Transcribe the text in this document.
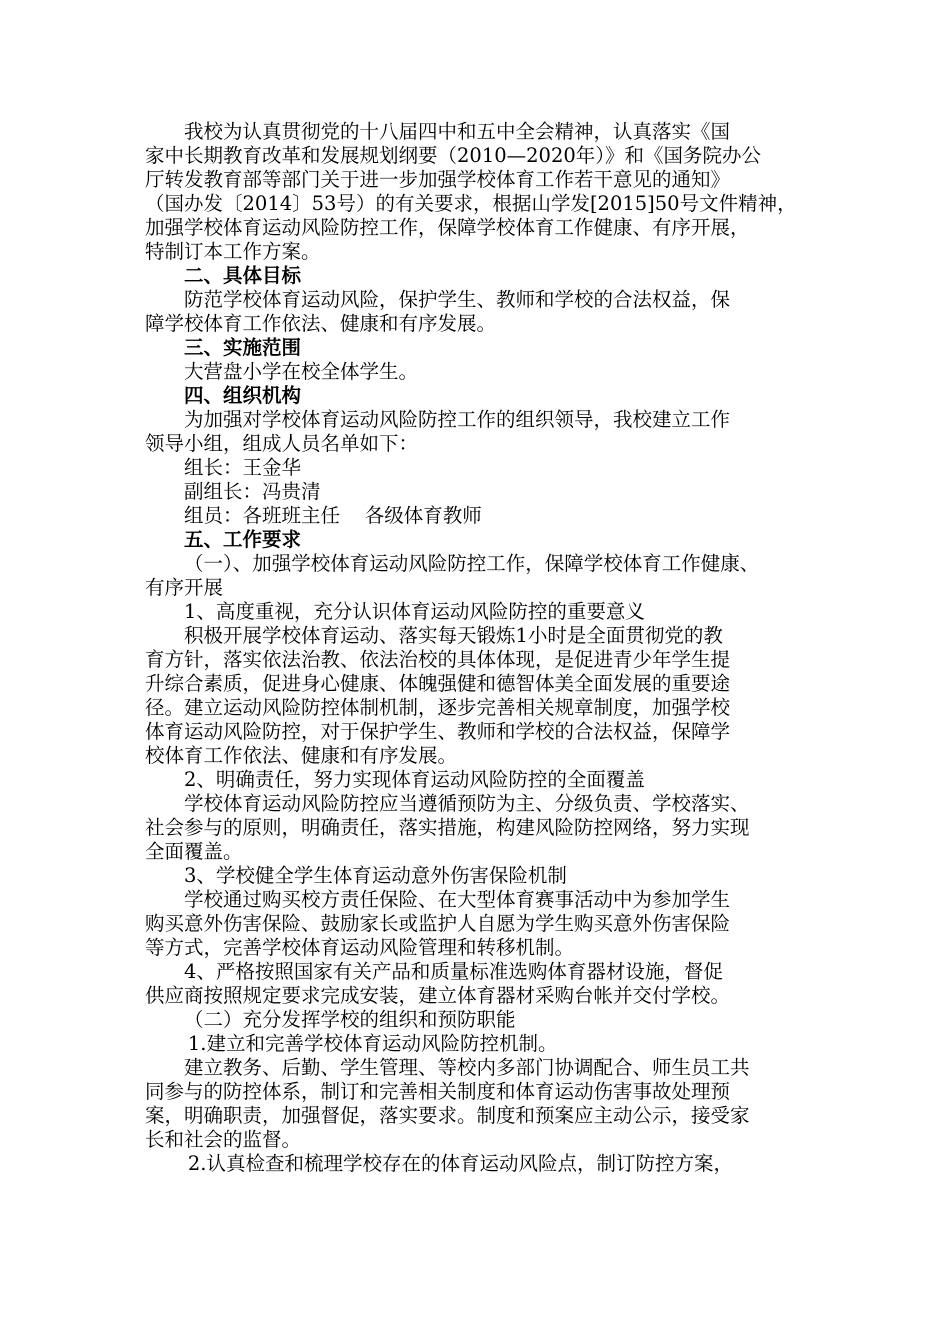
我校为认真贯彻党的十八届四中和五中全会精神，认真落实《国
家中长期教育改革和发展规划纲要（2010—2020年）》和《国务院办公
厅转发教育部等部门关于进一步加强学校体育工作若干意见的通知》
（国办发〔2014〕53号）的有关要求，根据山学发[2015]50号文件精神，
加强学校体育运动风险防控工作，保障学校体育工作健康、有序开展，
特制订本工作方案。

二、具体目标

防范学校体育运动风险，保护学生、教师和学校的合法权益，保
障学校体育工作依法、健康和有序发展。

三、实施范围

大营盘小学在校全体学生。

四、组织机构

为加强对学校体育运动风险防控工作的组织领导，我校建立工作
领导小组，组成人员名单如下：

组长：王金华

副组长：冯贵清

组员：各班班主任    各级体育教师

五、工作要求

（一）、加强学校体育运动风险防控工作，保障学校体育工作健康、
有序开展

1、高度重视，充分认识体育运动风险防控的重要意义

积极开展学校体育运动、落实每天锻炼1小时是全面贯彻党的教
育方针，落实依法治教、依法治校的具体体现，是促进青少年学生提
升综合素质，促进身心健康、体魄强健和德智体美全面发展的重要途
径。建立运动风险防控体制机制，逐步完善相关规章制度，加强学校
体育运动风险防控，对于保护学生、教师和学校的合法权益，保障学
校体育工作依法、健康和有序发展。

2、明确责任，努力实现体育运动风险防控的全面覆盖

学校体育运动风险防控应当遵循预防为主、分级负责、学校落实、
社会参与的原则，明确责任，落实措施，构建风险防控网络，努力实现
全面覆盖。

3、学校健全学生体育运动意外伤害保险机制

学校通过购买校方责任保险、在大型体育赛事活动中为参加学生
购买意外伤害保险、鼓励家长或监护人自愿为学生购买意外伤害保险
等方式，完善学校体育运动风险管理和转移机制。

4、严格按照国家有关产品和质量标准选购体育器材设施，督促
供应商按照规定要求完成安装，建立体育器材采购台帐并交付学校。

（二）充分发挥学校的组织和预防职能

1.建立和完善学校体育运动风险防控机制。

建立教务、后勤、学生管理、等校内多部门协调配合、师生员工共
同参与的防控体系，制订和完善相关制度和体育运动伤害事故处理预
案，明确职责，加强督促，落实要求。制度和预案应主动公示，接受家
长和社会的监督。

2.认真检查和梳理学校存在的体育运动风险点，制订防控方案，
